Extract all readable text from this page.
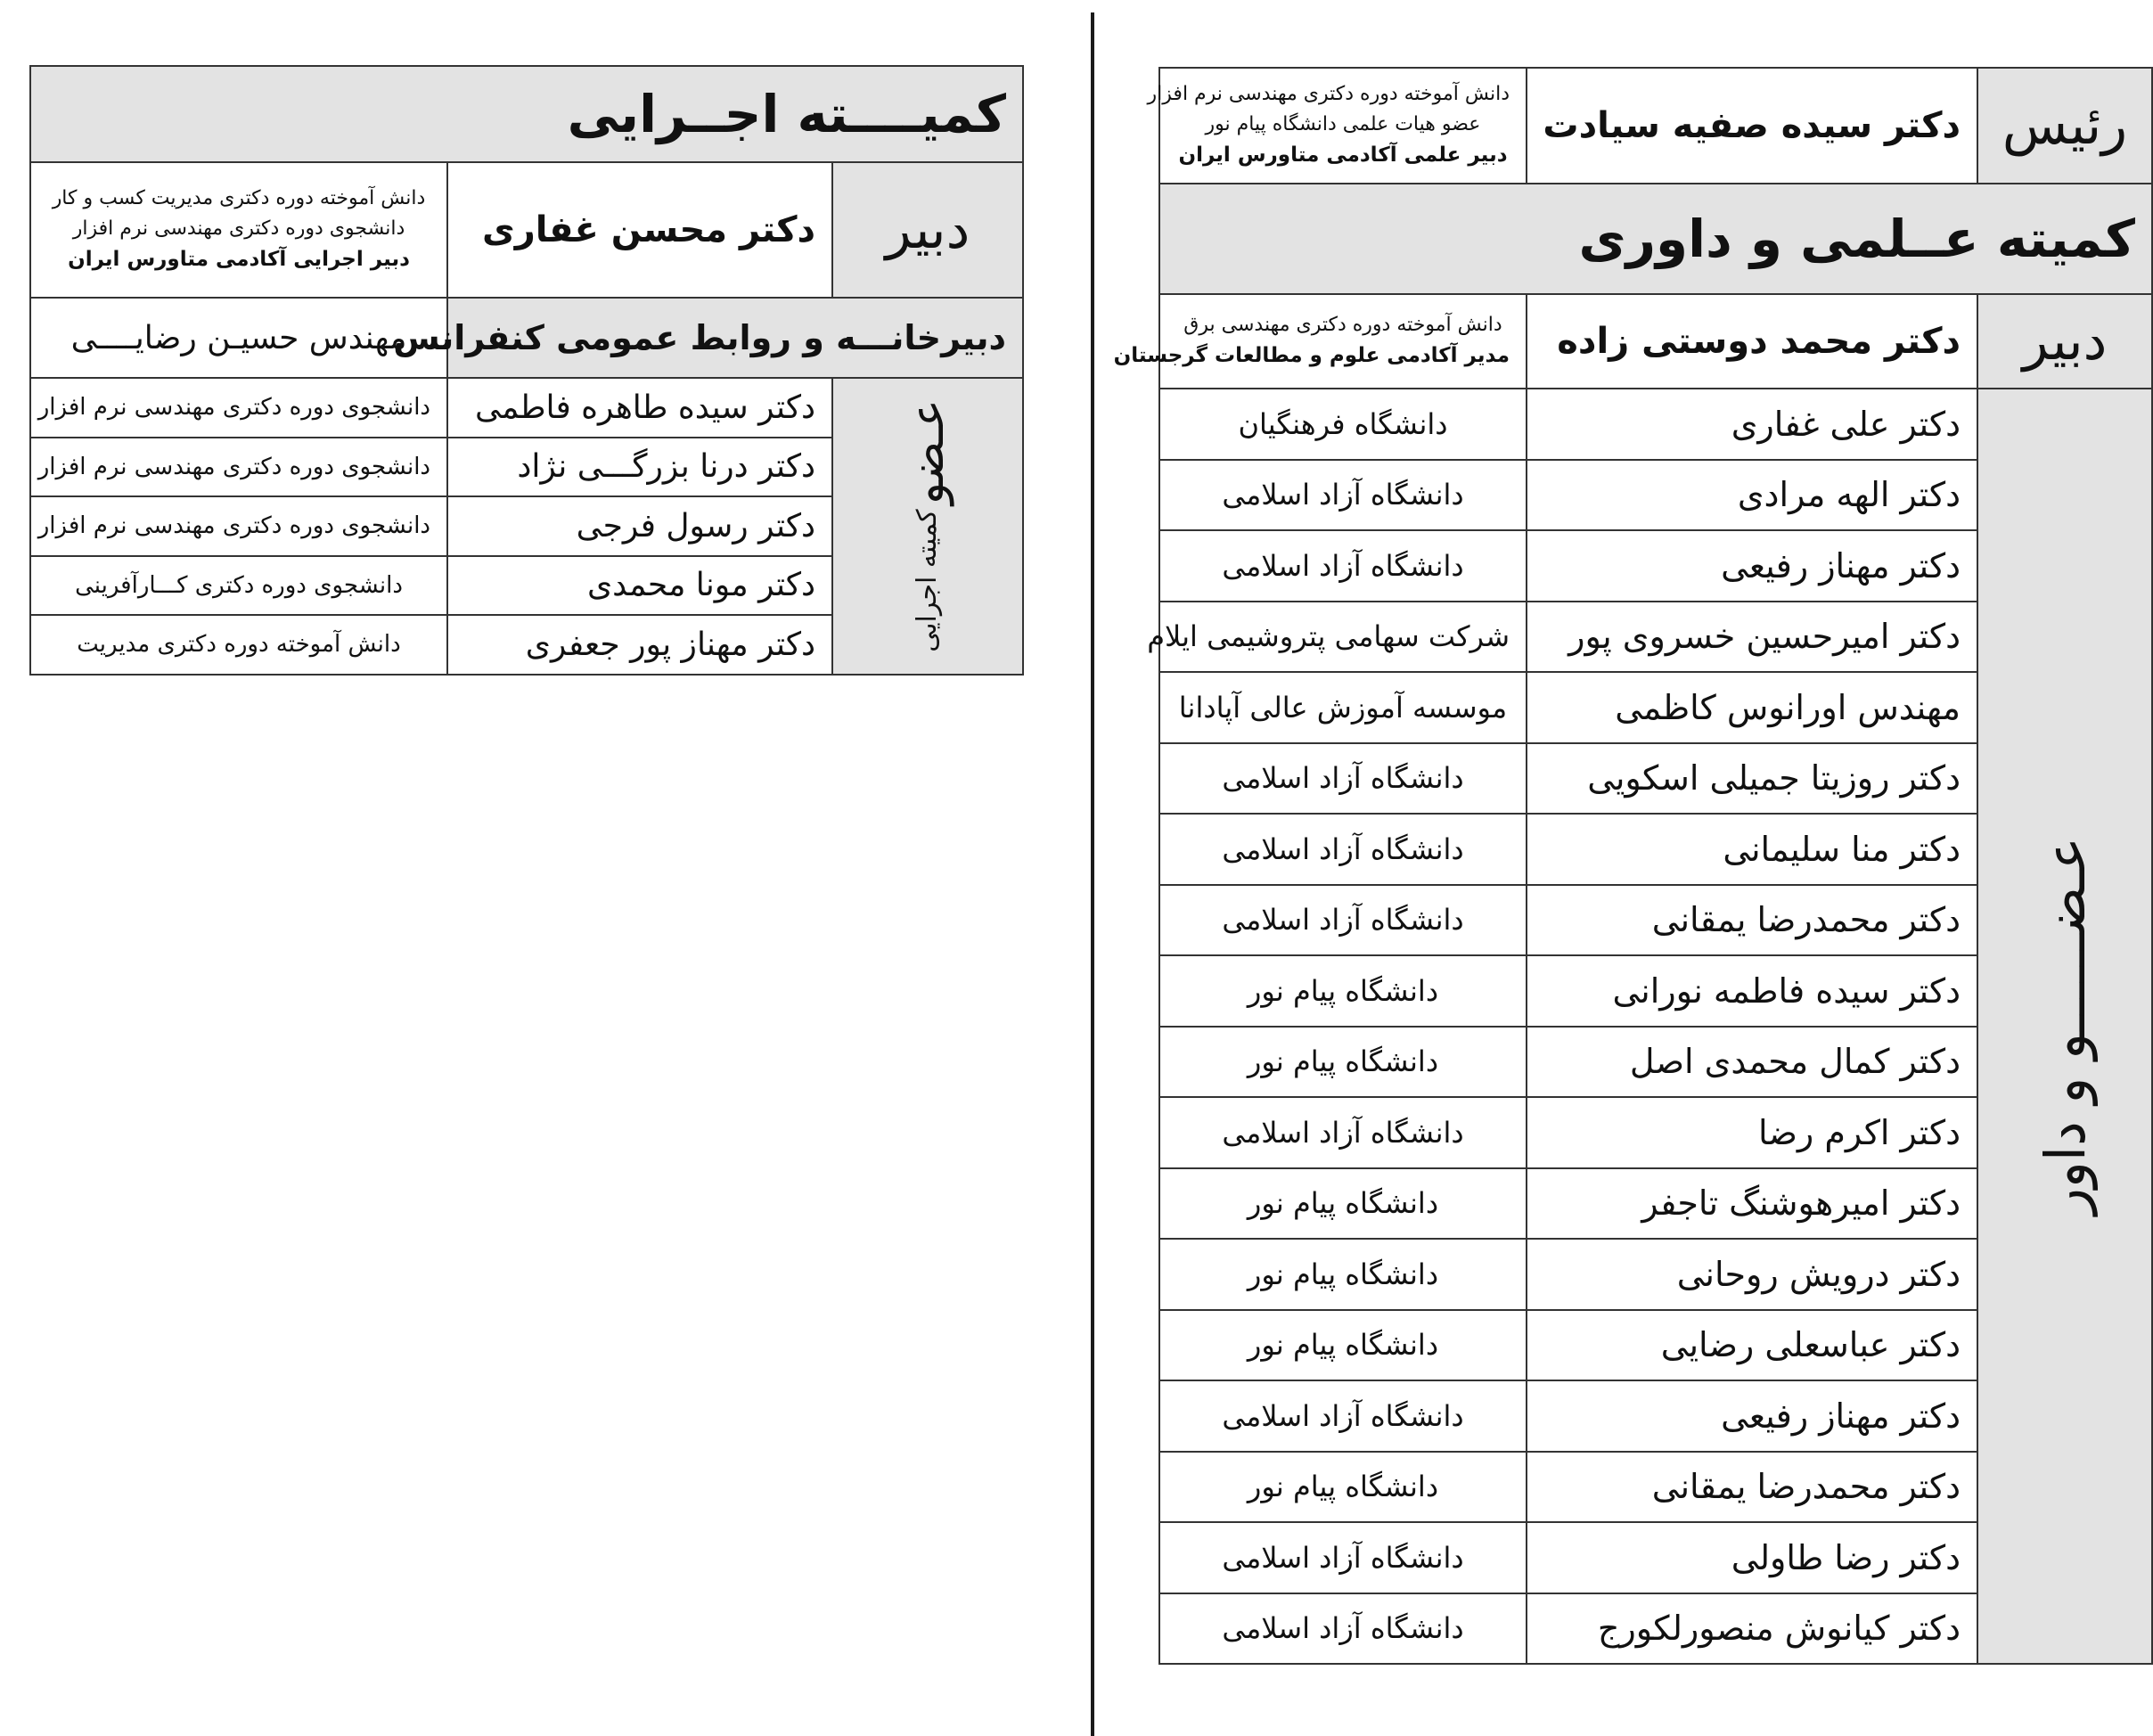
رئیس	دکتر سیده صفیه سیادت	دانش آموخته دوره دکتری مهندسی نرم افزار
عضو هیات علمی دانشگاه پیام نور
دبیر علمی آکادمی متاورس ایران

کمیته عــلمی و داوری		
دبیر	دکتر محمد دوستی زاده	دانش آموخته دوره دکتری مهندسی برق
مدیر آکادمی علوم و مطالعات گرجستان

عـضــــــو و داور	دکتر علی غفاری	دانشگاه فرهنگیان
	دکتر الهه مرادی	دانشگاه آزاد اسلامی
	دکتر مهناز رفیعی	دانشگاه آزاد اسلامی
	دکتر امیرحسین خسروی پور	شرکت سهامی پتروشیمی ایلام
	مهندس اورانوس کاظمی	موسسه آموزش عالی آپادانا
	دکتر روزیتا جمیلی اسکویی	دانشگاه آزاد اسلامی
	دکتر منا سلیمانی	دانشگاه آزاد اسلامی
	دکتر محمدرضا یمقانی	دانشگاه آزاد اسلامی
	دکتر سیده فاطمه نورانی	دانشگاه پیام نور
	دکتر کمال محمدی اصل	دانشگاه پیام نور
	دکتر اکرم رضا	دانشگاه آزاد اسلامی
	دکتر امیرهوشنگ تاجفر	دانشگاه پیام نور
	دکتر درویش روحانی	دانشگاه پیام نور
	دکتر عباسعلی رضایی	دانشگاه پیام نور
	دکتر مهناز رفیعی	دانشگاه آزاد اسلامی
	دکتر محمدرضا یمقانی	دانشگاه پیام نور
	دکتر رضا طاولی	دانشگاه آزاد اسلامی
	دکتر کیانوش منصورلکورج	دانشگاه آزاد اسلامی
کمیــــته اجــرایی		
دبیر	دکتر محسن غفاری	دانش آموخته دوره دکتری مدیریت کسب و کار
دانشجوی دوره دکتری مهندسی نرم افزار
دبیر اجرایی آکادمی متاورس ایران

دبیرخانـــه و روابط عمومی کنفرانس		مهندس حسیـن رضایــــی

عـضو کمیته اجرایی	دکتر سیده طاهره فاطمی	دانشجوی دوره دکتری مهندسی نرم افزار
	دکتر درنا بزرگـــی نژاد	دانشجوی دوره دکتری مهندسی نرم افزار
	دکتر رسول فرجی	دانشجوی دوره دکتری مهندسی نرم افزار
	دکتر مونا محمدی	دانشجوی دوره دکتری کـــارآفرینی
	دکتر مهناز پور جعفری	دانش آموخته دوره دکتری مدیریت
